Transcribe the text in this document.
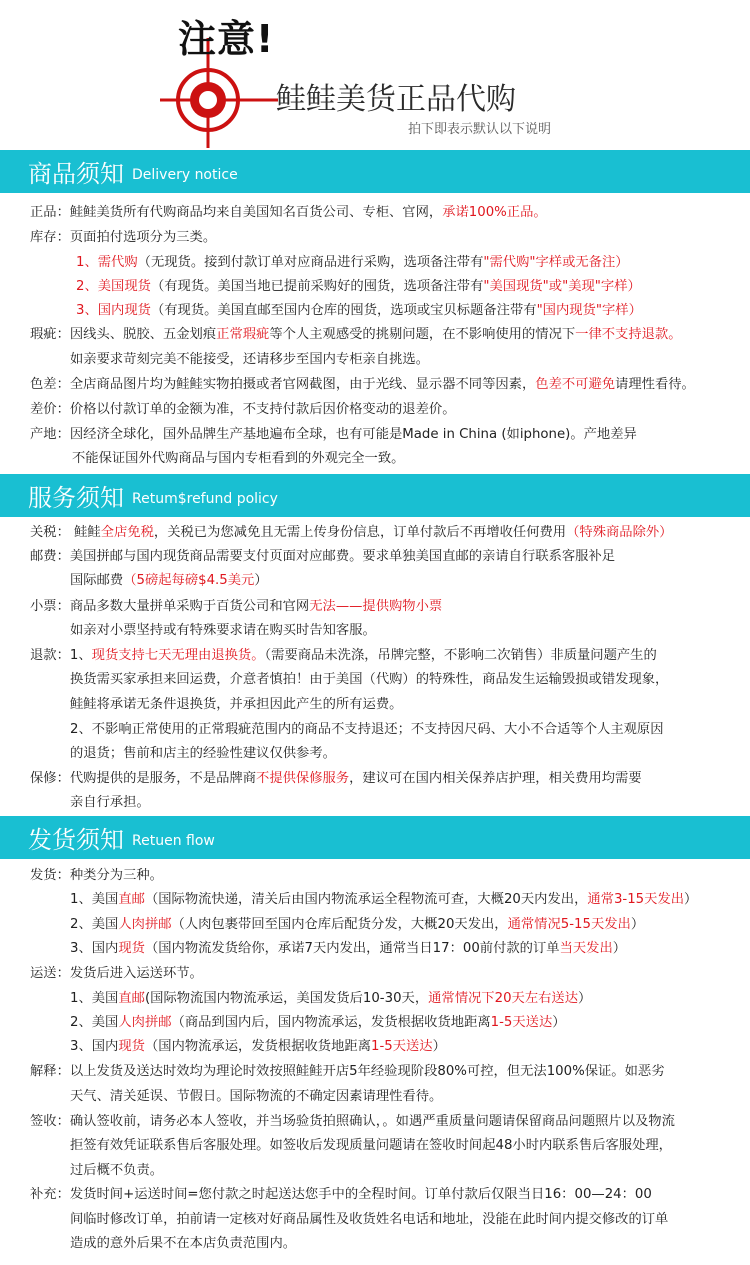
注意!
鲑鲑美货正品代购
拍下即表示默认以下说明
商品须知 Delivery notice
正品：鲑鲑美货所有代购商品均来自美国知名百货公司、专柜、官网，承诺100%正品。
库存：页面拍付选项分为三类。
1、需代购（无现货。接到付款订单对应商品进行采购，选项备注带有"需代购"字样或无备注）
2、美国现货（有现货。美国当地已提前采购好的囤货，选项备注带有"美国现货"或"美现"字样）
3、国内现货（有现货。美国直邮至国内仓库的囤货，选项或宝贝标题备注带有"国内现货"字样）
瑕疵：因线头、脱胶、五金划痕正常瑕疵等个人主观感受的挑剔问题，在不影响使用的情况下一律不支持退款。
如亲要求苛刻完美不能接受，还请移步至国内专柜亲自挑选。
色差：全店商品图片均为鲑鲑实物拍摄或者官网截图，由于光线、显示器不同等因素，色差不可避免请理性看待。
差价：价格以付款订单的金额为准，不支持付款后因价格变动的退差价。
产地：因经济全球化，国外品牌生产基地遍布全球，也有可能是Made in China (如iphone)。产地差异
不能保证国外代购商品与国内专柜看到的外观完全一致。
服务须知 Retum$refund policy
关税： 鲑鲑全店免税，关税已为您减免且无需上传身份信息，订单付款后不再增收任何费用（特殊商品除外）
邮费：美国拼邮与国内现货商品需要支付页面对应邮费。要求单独美国直邮的亲请自行联系客服补足
国际邮费（5磅起每磅$4.5美元）
小票：商品多数大量拼单采购于百货公司和官网无法——提供购物小票
如亲对小票坚持或有特殊要求请在购买时告知客服。
退款：1、现货支持七天无理由退换货。（需要商品未洗涤，吊牌完整，不影响二次销售）非质量问题产生的
换货需买家承担来回运费，介意者慎拍！由于美国（代购）的特殊性，商品发生运输毁损或错发现象，
鲑鲑将承诺无条件退换货，并承担因此产生的所有运费。
2、不影响正常使用的正常瑕疵范围内的商品不支持退还；不支持因尺码、大小不合适等个人主观原因
的退货；售前和店主的经验性建议仅供参考。
保修：代购提供的是服务，不是品牌商不提供保修服务，建议可在国内相关保养店护理，相关费用均需要
亲自行承担。
发货须知 Retuen flow
发货：种类分为三种。
1、美国直邮（国际物流快递，清关后由国内物流承运全程物流可查，大概20天内发出，通常3-15天发出）
2、美国人肉拼邮（人肉包裹带回至国内仓库后配货分发，大概20天发出，通常情况5-15天发出）
3、国内现货（国内物流发货给你，承诺7天内发出，通常当日17：00前付款的订单当天发出）
运送：发货后进入运送环节。
1、美国直邮(国际物流国内物流承运，美国发货后10-30天，通常情况下20天左右送达）
2、美国人肉拼邮（商品到国内后，国内物流承运，发货根据收货地距离1-5天送达）
3、国内现货（国内物流承运，发货根据收货地距离1-5天送达）
解释：以上发货及送达时效均为理论时效按照鲑鲑开店5年经验现阶段80%可控，但无法100%保证。如恶劣
天气、清关延误、节假日。国际物流的不确定因素请理性看待。
签收：确认签收前，请务必本人签收，并当场验货拍照确认，。如遇严重质量问题请保留商品问题照片以及物流
拒签有效凭证联系售后客服处理。如签收后发现质量问题请在签收时间起48小时内联系售后客服处理，
过后概不负责。
补充：发货时间+运送时间=您付款之时起送达您手中的全程时间。订单付款后仅限当日16：00—24：00
间临时修改订单，拍前请一定核对好商品属性及收货姓名电话和地址，没能在此时间内提交修改的订单
造成的意外后果不在本店负责范围内。
